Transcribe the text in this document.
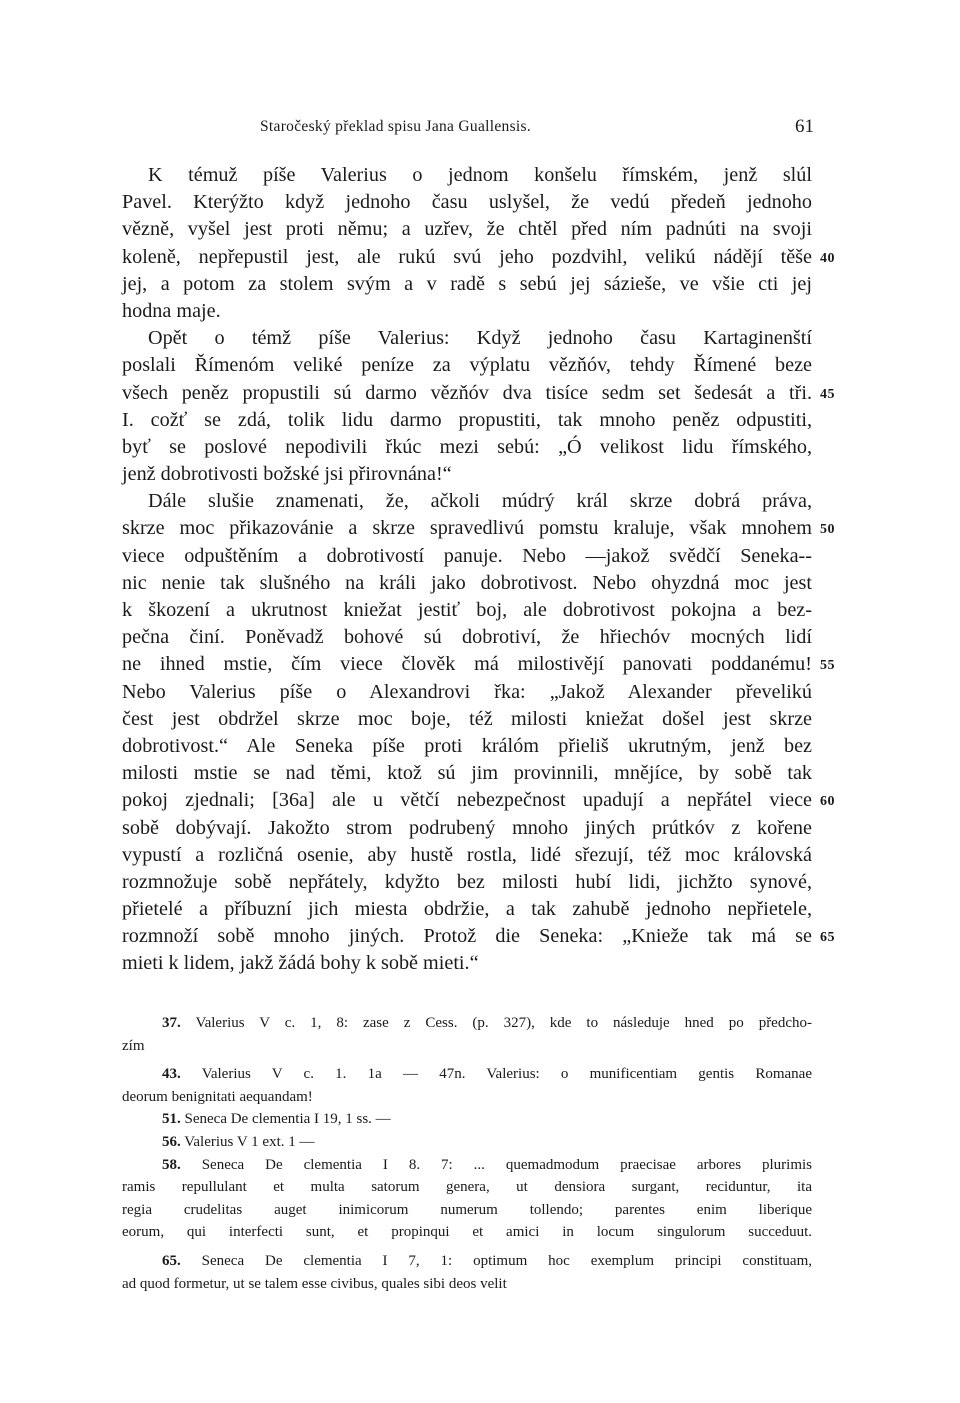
Staročeský překlad spisu Jana Guallensis.	61
K témuž píše Valerius o jednom konšelu římském, jenž slúl
Pavel. Kterýžto když jednoho času uslyšel, že vedú předeň jednoho
vězně, vyšel jest proti němu; a uzřev, že chtěl před ním padnúti na svoji
koleně, nepřepustil jest, ale rukú svú jeho pozdvihl, velikú nádějí těše 40
jej, a potom za stolem svým a v radě s sebú jej sázieše, ve všie cti jej
hodna maje.
Opět o témž píše Valerius: Když jednoho času Kartaginenští
poslali Římenóm veliké peníze za výplatu vězňóv, tehdy Římené beze
všech peněz propustili sú darmo vězňóv dva tisíce sedm set šedesát a tři. 45
I. cožť se zdá, tolik lidu darmo propustiti, tak mnoho peněz odpustiti,
byť se poslové nepodivili řkúc mezi sebú: „Ó velikost lidu římského,
jenž dobrotivosti božské jsi přirovnána!“
Dále slušie znamenati, že, ačkoli múdrý král skrze dobrá práva,
skrze moc přikazovánie a skrze spravedlivú pomstu kraluje, však mnohem 50
viece odpuštěním a dobrotivostí panuje. Nebo —jakož svědčí Seneka--
nic nenie tak slušného na králi jako dobrotivost. Nebo ohyzdná moc jest
k škození a ukrutnost kniežat jestiť boj, ale dobrotivost pokojna a bez-
pečna činí. Poněvadž bohové sú dobrotiví, že hřiechóv mocných lidí
ne ihned mstie, čím viece člověk má milostivějí panovati poddanému! 55
Nebo Valerius píše o Alexandrovi řka: „Jakož Alexander převelikú
čest jest obdržel skrze moc boje, též milosti kniežat došel jest skrze
dobrotivost.“ Ale Seneka píše proti králóm přieliš ukrutným, jenž bez
milosti mstie se nad těmi, ktož sú jim provinnili, mnějíce, by sobě tak
pokoj zjednali; [36a] ale u větčí nebezpečnost upadují a nepřátel viece 60
sobě dobývají. Jakožto strom podrubený mnoho jiných prútkóv z kořene
vypustí a rozličná osenie, aby hustě rostla, lidé sřezují, též moc královská
rozmnožuje sobě nepřátely, kdyžto bez milosti hubí lidi, jichžto synové,
přietelé a příbuzní jich miesta obdržie, a tak zahubě jednoho nepřietele,
rozmnoží sobě mnoho jiných. Protož die Seneka: „Knieže tak má se 65
mieti k lidem, jakž žádá bohy k sobě mieti.“
37. Valerius V c. 1, 8: zase z Cess. (p. 327), kde to následuje hned po předcho-
zím
43. Valerius V c. 1. 1a — 47n. Valerius: o munificentiam gentis Romanae
deorum benignitati aequandam!
51. Seneca De clementia I 19, 1 ss. —
56. Valerius V 1 ext. 1 —
58. Seneca De clementia I 8. 7: ... quemadmodum praecisae arbores plurimis
ramis repullulant et multa satorum genera, ut densiora surgant, reciduntur, ita
regia crudelitas auget inimicorum numerum tollendo; parentes enim liberique
eorum, qui interfecti sunt, et propinqui et amici in locum singulorum succeduut.
65. Seneca De clementia I 7, 1: optimum hoc exemplum principi constituam,
ad quod formetur, ut se talem esse civibus, quales sibi deos velit
